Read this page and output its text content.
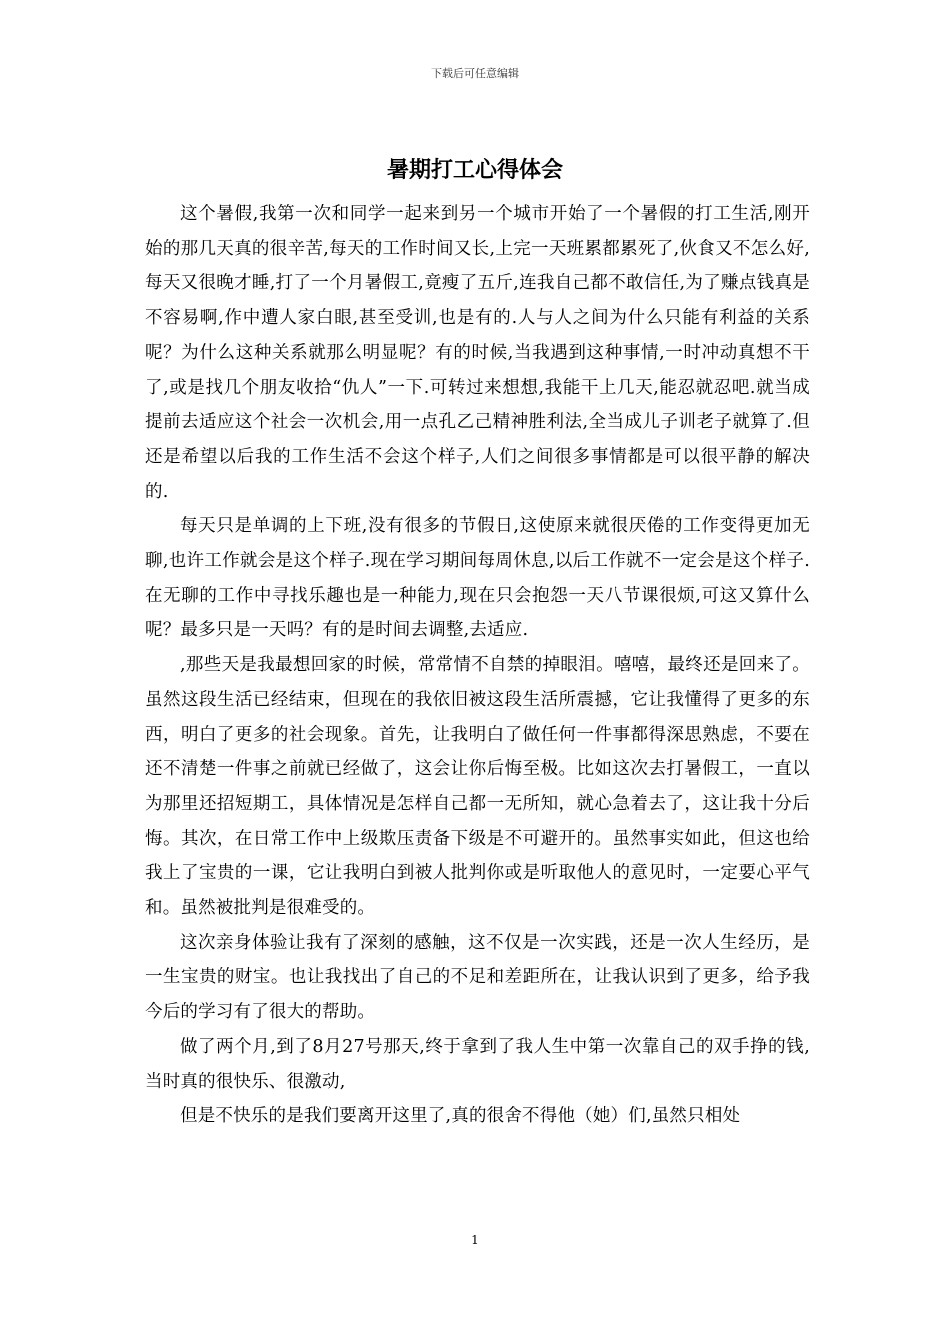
下载后可任意编辑
暑期打工心得体会

这个暑假,我第一次和同学一起来到另一个城市开始了一个暑假的打工生活,刚开始的那几天真的很辛苦,每天的工作时间又长,上完一天班累都累死了,伙食又不怎么好,每天又很晚才睡,打了一个月暑假工,竟瘦了五斤,连我自己都不敢信任,为了赚点钱真是不容易啊,作中遭人家白眼,甚至受训,也是有的.人与人之间为什么只能有利益的关系呢？为什么这种关系就那么明显呢？有的时候,当我遇到这种事情,一时冲动真想不干了,或是找几个朋友收拾“仇人”一下.可转过来想想,我能干上几天,能忍就忍吧.就当成提前去适应这个社会一次机会,用一点孔乙己精神胜利法,全当成儿子训老子就算了.但还是希望以后我的工作生活不会这个样子,人们之间很多事情都是可以很平静的解决的.

每天只是单调的上下班,没有很多的节假日,这使原来就很厌倦的工作变得更加无聊,也许工作就会是这个样子.现在学习期间每周休息,以后工作就不一定会是这个样子.在无聊的工作中寻找乐趣也是一种能力,现在只会抱怨一天八节课很烦,可这又算什么呢？最多只是一天吗？有的是时间去调整,去适应.

,那些天是我最想回家的时候，常常情不自禁的掉眼泪。嘻嘻，最终还是回来了。虽然这段生活已经结束，但现在的我依旧被这段生活所震撼，它让我懂得了更多的东西，明白了更多的社会现象。首先，让我明白了做任何一件事都得深思熟虑，不要在还不清楚一件事之前就已经做了，这会让你后悔至极。比如这次去打暑假工，一直以为那里还招短期工，具体情况是怎样自己都一无所知，就心急着去了，这让我十分后悔。其次，在日常工作中上级欺压责备下级是不可避开的。虽然事实如此，但这也给我上了宝贵的一课，它让我明白到被人批判你或是听取他人的意见时，一定要心平气和。虽然被批判是很难受的。

这次亲身体验让我有了深刻的感触，这不仅是一次实践，还是一次人生经历，是一生宝贵的财宝。也让我找出了自己的不足和差距所在，让我认识到了更多，给予我今后的学习有了很大的帮助。

做了两个月,到了8月27号那天,终于拿到了我人生中第一次靠自己的双手挣的钱,当时真的很快乐、很激动,

但是不快乐的是我们要离开这里了,真的很舍不得他（她）们,虽然只相处

1
